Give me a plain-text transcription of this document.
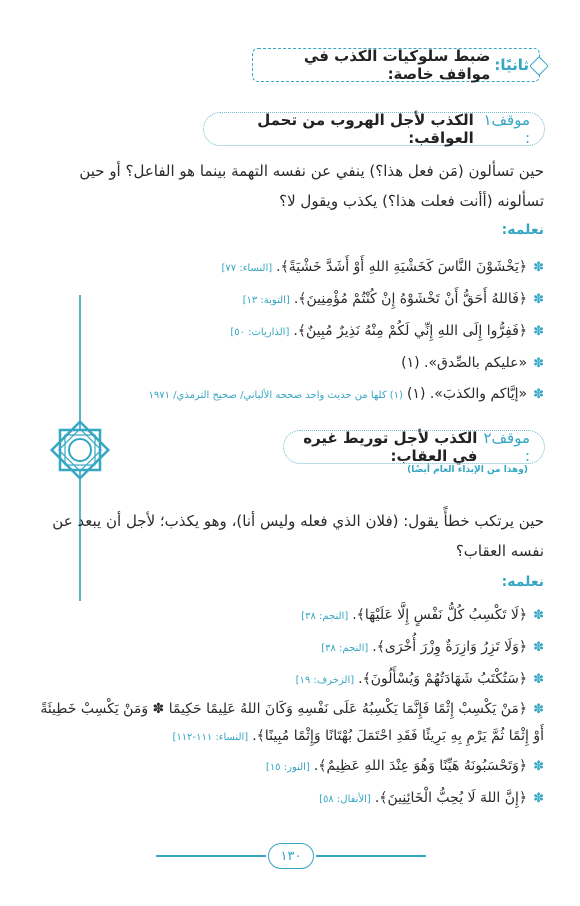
ثانيًا:
ضبط سلوكيات الكذب في مواقف خاصة:
موقف١ :
الكذب لأجل الهروب من تحمل العواقب:

حين تسألون (مَن فعل هذا؟) ينفي عن نفسه التهمة بينما هو الفاعل؟ أو حين تسألونه (أأنت فعلت هذا؟) يكذب ويقول لا؟

نعلمه:
✽﴿يَخْشَوْنَ النَّاسَ كَخَشْيَةِ اللهِ أَوْ أَشَدَّ خَشْيَةً﴾.[النساء: ٧٧]
✽﴿فَاللهُ أَحَقُّ أَنْ تَخْشَوْهُ إِنْ كُنْتُمْ مُؤْمِنِينَ﴾.[التوبة: ١٣]
✽﴿فَفِرُّوا إِلَى اللهِ إِنِّي لَكُمْ مِنْهُ نَذِيرٌ مُبِينٌ﴾.[الذاريات: ٥٠]
✽«عليكم بالصِّدق». (١)
✽«إيَّاكم والكذبَ». (١)(١) كلها من حديث واحد صححه الألباني/ صحيح الترمذي/ ١٩٧١
موقف٢ :
الكذب لأجل توريط غيره في العقاب:
(وهذا من الإيذاء العام أيضًا)

حين يرتكب خطأً يقول: (فلان الذي فعله وليس أنا)، وهو يكذب؛ لأجل أن يبعد عن نفسه العقاب؟

نعلمه:
✽﴿لَا تَكْسِبُ كُلُّ نَفْسٍ إِلَّا عَلَيْهَا﴾.[النجم: ٣٨]
✽﴿وَلَا تَزِرُ وَازِرَةٌ وِزْرَ أُخْرَى﴾.[النجم: ٣٨]
✽﴿سَتُكْتَبُ شَهَادَتُهُمْ وَيُسْأَلُونَ﴾.[الزخرف: ١٩]
✽﴿مَنْ يَكْسِبْ إِثْمًا فَإِنَّمَا يَكْسِبُهُ عَلَى نَفْسِهِ وَكَانَ اللهُ عَلِيمًا حَكِيمًا ✽ وَمَنْ يَكْسِبْ خَطِيئَةً أَوْ إِثْمًا ثُمَّ يَرْمِ بِهِ بَرِيئًا فَقَدِ احْتَمَلَ بُهْتَانًا وَإِثْمًا مُبِينًا﴾.[النساء: ١١١-١١٢]
✽﴿وَتَحْسَبُونَهُ هَيِّنًا وَهُوَ عِنْدَ اللهِ عَظِيمٌ﴾.[النور: ١٥]
✽﴿إِنَّ اللهَ لَا يُحِبُّ الْخَائِنِينَ﴾.[الأنفال: ٥٨]
١٣٠
